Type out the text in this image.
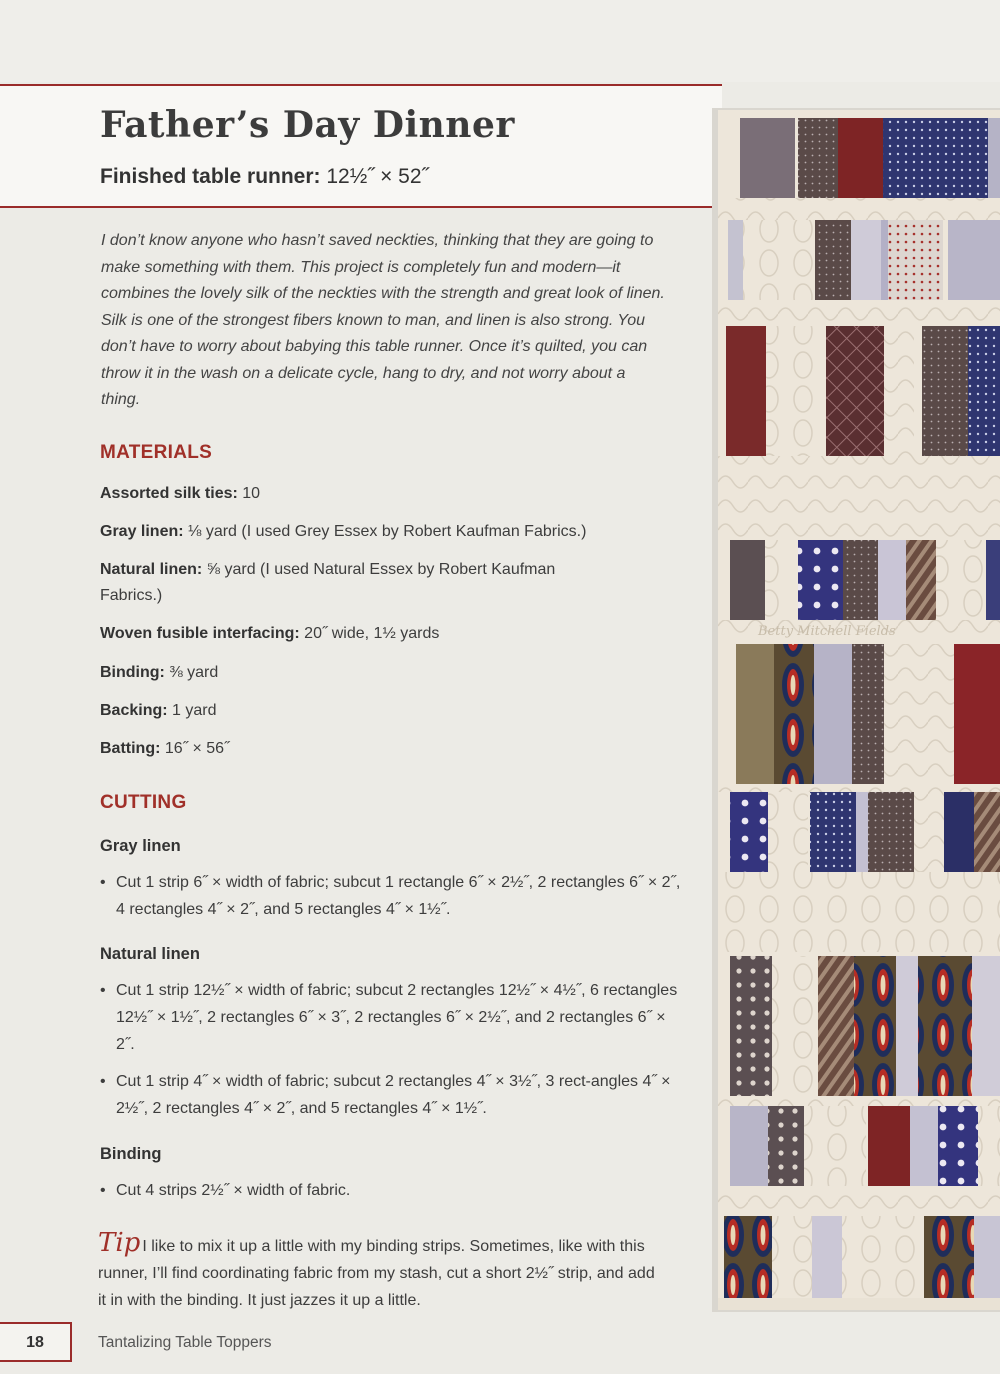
Father’s Day Dinner
Finished table runner: 12½˝ × 52˝

I don’t know anyone who hasn’t saved neckties, thinking that they are going to make something with them. This project is completely fun and modern—it combines the lovely silk of the neckties with the strength and great look of linen. Silk is one of the strongest fibers known to man, and linen is also strong. You don’t have to worry about babying this table runner. Once it’s quilted, you can throw it in the wash on a delicate cycle, hang to dry, and not worry about a thing.

MATERIALS

Assorted silk ties: 10

Gray linen: ⅛ yard (I used Grey Essex by Robert Kaufman Fabrics.)

Natural linen: ⅝ yard (I used Natural Essex by Robert Kaufman Fabrics.)

Woven fusible interfacing: 20˝ wide, 1½ yards

Binding: ⅜ yard

Backing: 1 yard

Batting: 16˝ × 56˝

CUTTING
Gray linen

• Cut 1 strip 6˝ × width of fabric; subcut 1 rectangle 6˝ × 2½˝, 2 rectangles 6˝ × 2˝, 4 rectangles 4˝ × 2˝, and 5 rectangles 4˝ × 1½˝.

Natural linen

• Cut 1 strip 12½˝ × width of fabric; subcut 2 rectangles 12½˝ × 4½˝, 6 rectangles 12½˝ × 1½˝, 2 rectangles 6˝ × 3˝, 2 rectangles 6˝ × 2½˝, and 2 rectangles 6˝ × 2˝.

• Cut 1 strip 4˝ × width of fabric; subcut 2 rectangles 4˝ × 3½˝, 3 rect-angles 4˝ × 2½˝, 2 rectangles 4˝ × 2˝, and 5 rectangles 4˝ × 1½˝.

Binding

• Cut 4 strips 2½˝ × width of fabric.

Tip I like to mix it up a little with my binding strips. Sometimes, like with this runner, I’ll find coordinating fabric from my stash, cut a short 2½˝ strip, and add it in with the binding. It just jazzes it up a little.

18	Tantalizing Table Toppers
Betty Mitchell Fields
